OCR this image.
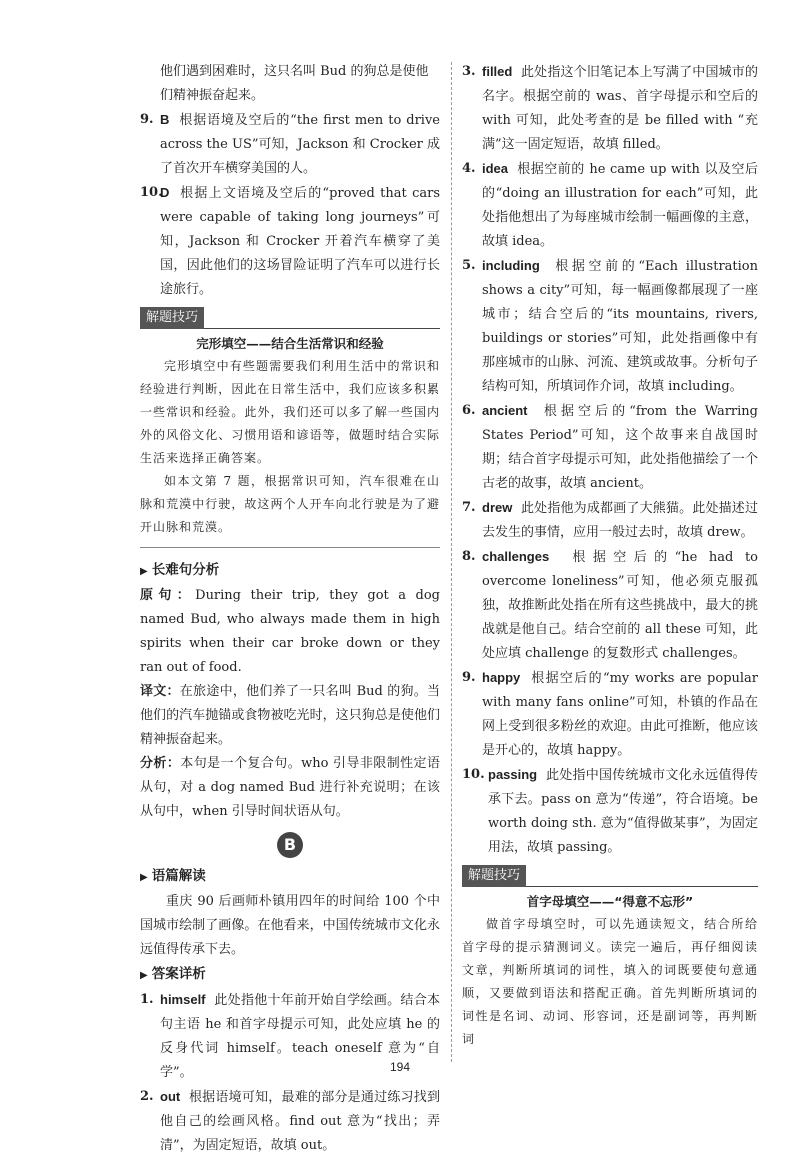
他们遇到困难时，这只名叫 Bud 的狗总是使他们精神振奋起来。

9. B 根据语境及空后的“the first men to drive across the US”可知，Jackson 和 Crocker 成了首次开车横穿美国的人。
10.
D 根据上文语境及空后的“proved that cars were capable of taking long journeys”可知，Jackson 和 Crocker 开着汽车横穿了美国，因此他们的这场冒险证明了汽车可以进行长途旅行。
解题技巧
完形填空——结合生活常识和经验

完形填空中有些题需要我们利用生活中的常识和经验进行判断，因此在日常生活中，我们应该多积累一些常识和经验。此外，我们还可以多了解一些国内外的风俗文化、习惯用语和谚语等，做题时结合实际生活来选择正确答案。

如本文第 7 题，根据常识可知，汽车很难在山脉和荒漠中行驶，故这两个人开车向北行驶是为了避开山脉和荒漠。

▶ 长难句分析

原句：During their trip, they got a dog named Bud, who always made them in high spirits when their car broke down or they ran out of food.

译文：在旅途中，他们养了一只名叫 Bud 的狗。当他们的汽车抛锚或食物被吃光时，这只狗总是使他们精神振奋起来。

分析：本句是一个复合句。who 引导非限制性定语从句，对 a dog named Bud 进行补充说明；在该从句中，when 引导时间状语从句。

B
▶ 语篇解读

重庆 90 后画师朴镇用四年的时间给 100 个中国城市绘制了画像。在他看来，中国传统城市文化永远值得传承下去。

▶ 答案详析
1. himself 此处指他十年前开始自学绘画。结合本句主语 he 和首字母提示可知，此处应填 he 的反身代词 himself。teach oneself 意为“自学”。
2. out 根据语境可知，最难的部分是通过练习找到他自己的绘画风格。find out 意为“找出；弄清”，为固定短语，故填 out。
3. filled 此处指这个旧笔记本上写满了中国城市的名字。根据空前的 was、首字母提示和空后的 with 可知，此处考查的是 be filled with “充满”这一固定短语，故填 filled。
4. idea 根据空前的 he came up with 以及空后的“doing an illustration for each”可知，此处指他想出了为每座城市绘制一幅画像的主意，故填 idea。
5. including 根据空前的“Each illustration shows a city”可知，每一幅画像都展现了一座城市；结合空后的“its mountains, rivers, buildings or stories”可知，此处指画像中有那座城市的山脉、河流、建筑或故事。分析句子结构可知，所填词作介词，故填 including。
6. ancient 根据空后的“from the Warring States Period”可知，这个故事来自战国时期；结合首字母提示可知，此处指他描绘了一个古老的故事，故填 ancient。
7. drew 此处指他为成都画了大熊猫。此处描述过去发生的事情，应用一般过去时，故填 drew。
8. challenges 根据空后的“he had to overcome loneliness”可知，他必须克服孤独，故推断此处指在所有这些挑战中，最大的挑战就是他自己。结合空前的 all these 可知，此处应填 challenge 的复数形式 challenges。
9. happy 根据空后的“my works are popular with many fans online”可知，朴镇的作品在网上受到很多粉丝的欢迎。由此可推断，他应该是开心的，故填 happy。
10. passing 此处指中国传统城市文化永远值得传承下去。pass on 意为“传递”，符合语境。be worth doing sth. 意为“值得做某事”，为固定用法，故填 passing。
解题技巧
首字母填空——“得意不忘形”

做首字母填空时，可以先通读短文，结合所给首字母的提示猜测词义。读完一遍后，再仔细阅读文章，判断所填词的词性，填入的词既要使句意通顺，又要做到语法和搭配正确。首先判断所填词的词性是名词、动词、形容词，还是副词等，再判断词

194
